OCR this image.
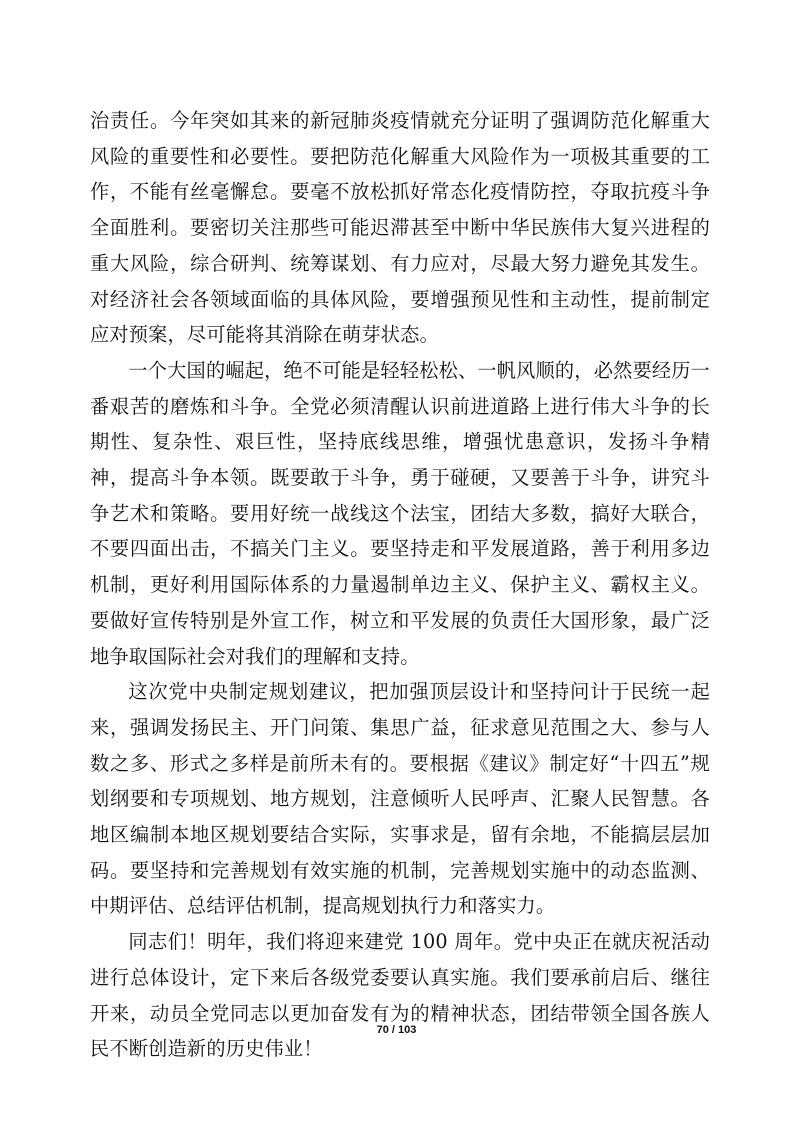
治责任。今年突如其来的新冠肺炎疫情就充分证明了强调防范化解重大风险的重要性和必要性。要把防范化解重大风险作为一项极其重要的工作，不能有丝毫懈怠。要毫不放松抓好常态化疫情防控，夺取抗疫斗争全面胜利。要密切关注那些可能迟滞甚至中断中华民族伟大复兴进程的重大风险，综合研判、统筹谋划、有力应对，尽最大努力避免其发生。对经济社会各领域面临的具体风险，要增强预见性和主动性，提前制定应对预案，尽可能将其消除在萌芽状态。

一个大国的崛起，绝不可能是轻轻松松、一帆风顺的，必然要经历一番艰苦的磨炼和斗争。全党必须清醒认识前进道路上进行伟大斗争的长期性、复杂性、艰巨性，坚持底线思维，增强忧患意识，发扬斗争精神，提高斗争本领。既要敢于斗争，勇于碰硬，又要善于斗争，讲究斗争艺术和策略。要用好统一战线这个法宝，团结大多数，搞好大联合，不要四面出击，不搞关门主义。要坚持走和平发展道路，善于利用多边机制，更好利用国际体系的力量遏制单边主义、保护主义、霸权主义。要做好宣传特别是外宣工作，树立和平发展的负责任大国形象，最广泛地争取国际社会对我们的理解和支持。

这次党中央制定规划建议，把加强顶层设计和坚持问计于民统一起来，强调发扬民主、开门问策、集思广益，征求意见范围之大、参与人数之多、形式之多样是前所未有的。要根据《建议》制定好“十四五”规划纲要和专项规划、地方规划，注意倾听人民呼声、汇聚人民智慧。各地区编制本地区规划要结合实际，实事求是，留有余地，不能搞层层加码。要坚持和完善规划有效实施的机制，完善规划实施中的动态监测、中期评估、总结评估机制，提高规划执行力和落实力。

同志们！明年，我们将迎来建党 100 周年。党中央正在就庆祝活动进行总体设计，定下来后各级党委要认真实施。我们要承前启后、继往开来，动员全党同志以更加奋发有为的精神状态，团结带领全国各族人民不断创造新的历史伟业！

70 / 103
